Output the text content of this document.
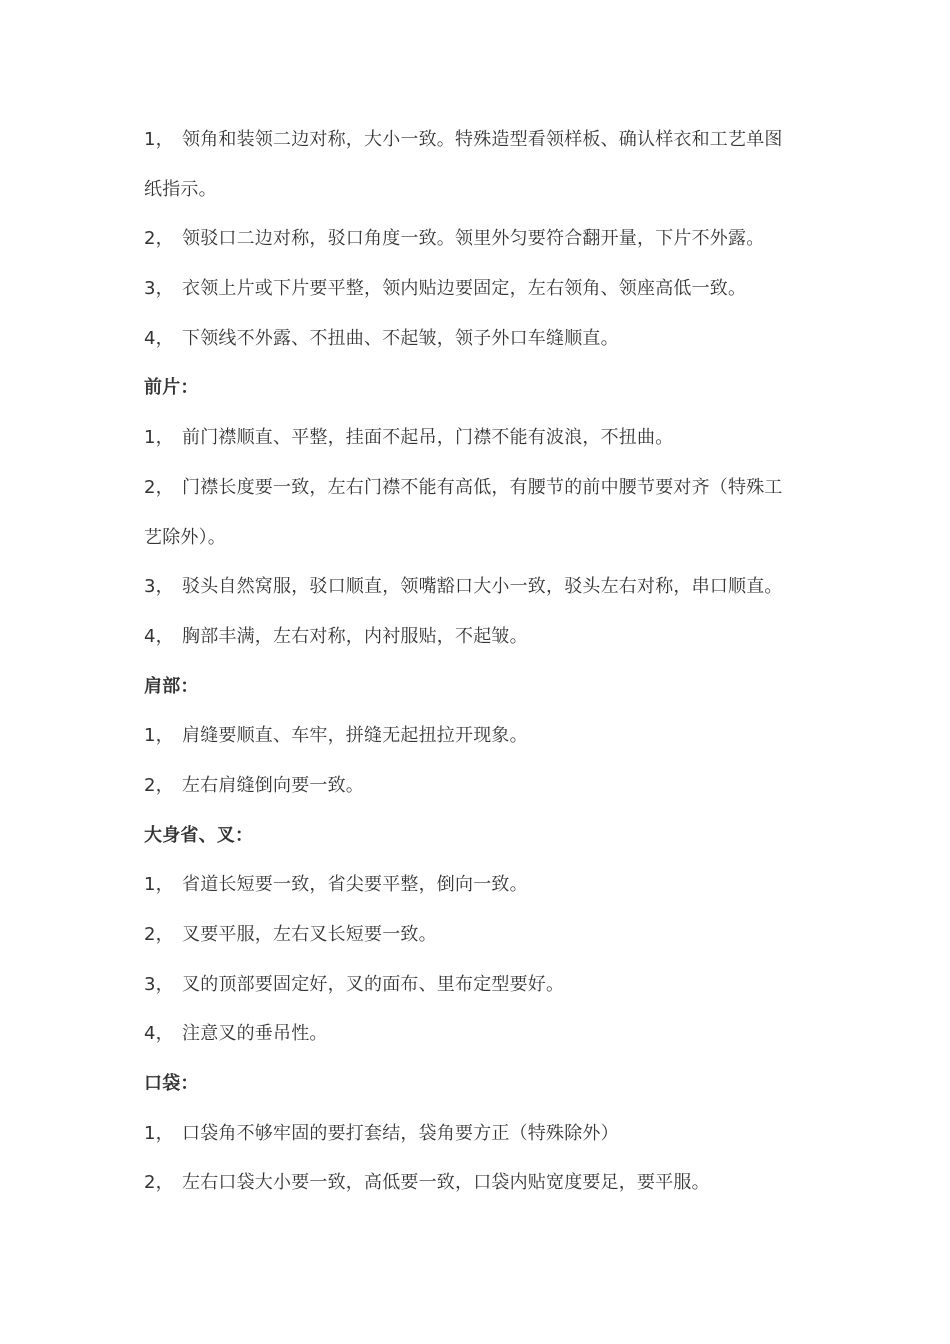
1， 领角和装领二边对称，大小一致。特殊造型看领样板、确认样衣和工艺单图
纸指示。
2， 领驳口二边对称，驳口角度一致。领里外匀要符合翻开量，下片不外露。
3， 衣领上片或下片要平整，领内贴边要固定，左右领角、领座高低一致。
4， 下领线不外露、不扭曲、不起皱，领子外口车缝顺直。
前片：
1， 前门襟顺直、平整，挂面不起吊，门襟不能有波浪，不扭曲。
2， 门襟长度要一致，左右门襟不能有高低，有腰节的前中腰节要对齐（特殊工
艺除外）。
3， 驳头自然窝服，驳口顺直，领嘴豁口大小一致，驳头左右对称，串口顺直。
4， 胸部丰满，左右对称，内衬服贴，不起皱。
肩部：
1， 肩缝要顺直、车牢，拼缝无起扭拉开现象。
2， 左右肩缝倒向要一致。
大身省、叉：
1， 省道长短要一致，省尖要平整，倒向一致。
2， 叉要平服，左右叉长短要一致。
3， 叉的顶部要固定好，叉的面布、里布定型要好。
4， 注意叉的垂吊性。
口袋：
1， 口袋角不够牢固的要打套结，袋角要方正（特殊除外）
2， 左右口袋大小要一致，高低要一致，口袋内贴宽度要足，要平服。
